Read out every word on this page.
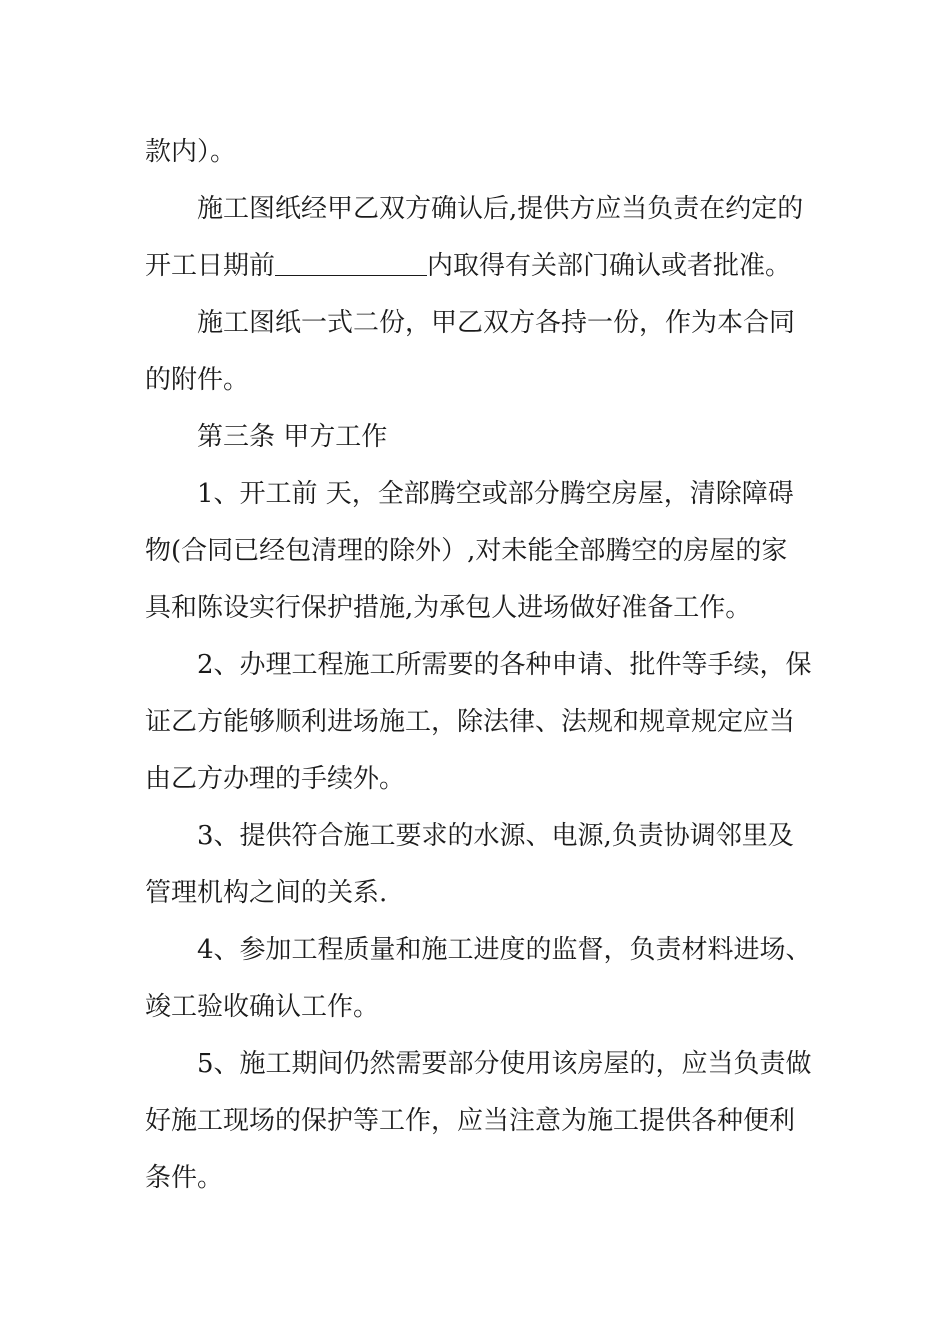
款内）。
施工图纸经甲乙双方确认后,提供方应当负责在约定的
开工日期前	内取得有关部门确认或者批准。
施工图纸一式二份，甲乙双方各持一份，作为本合同
的附件。
第三条 甲方工作
1、开工前 天，全部腾空或部分腾空房屋，清除障碍
物(合同已经包清理的除外）,对未能全部腾空的房屋的家
具和陈设实行保护措施,为承包人进场做好准备工作。
2、办理工程施工所需要的各种申请、批件等手续，保
证乙方能够顺利进场施工，除法律、法规和规章规定应当
由乙方办理的手续外。
3、提供符合施工要求的水源、电源,负责协调邻里及
管理机构之间的关系.
4、参加工程质量和施工进度的监督，负责材料进场、
竣工验收确认工作。
5、施工期间仍然需要部分使用该房屋的，应当负责做
好施工现场的保护等工作，应当注意为施工提供各种便利
条件。
